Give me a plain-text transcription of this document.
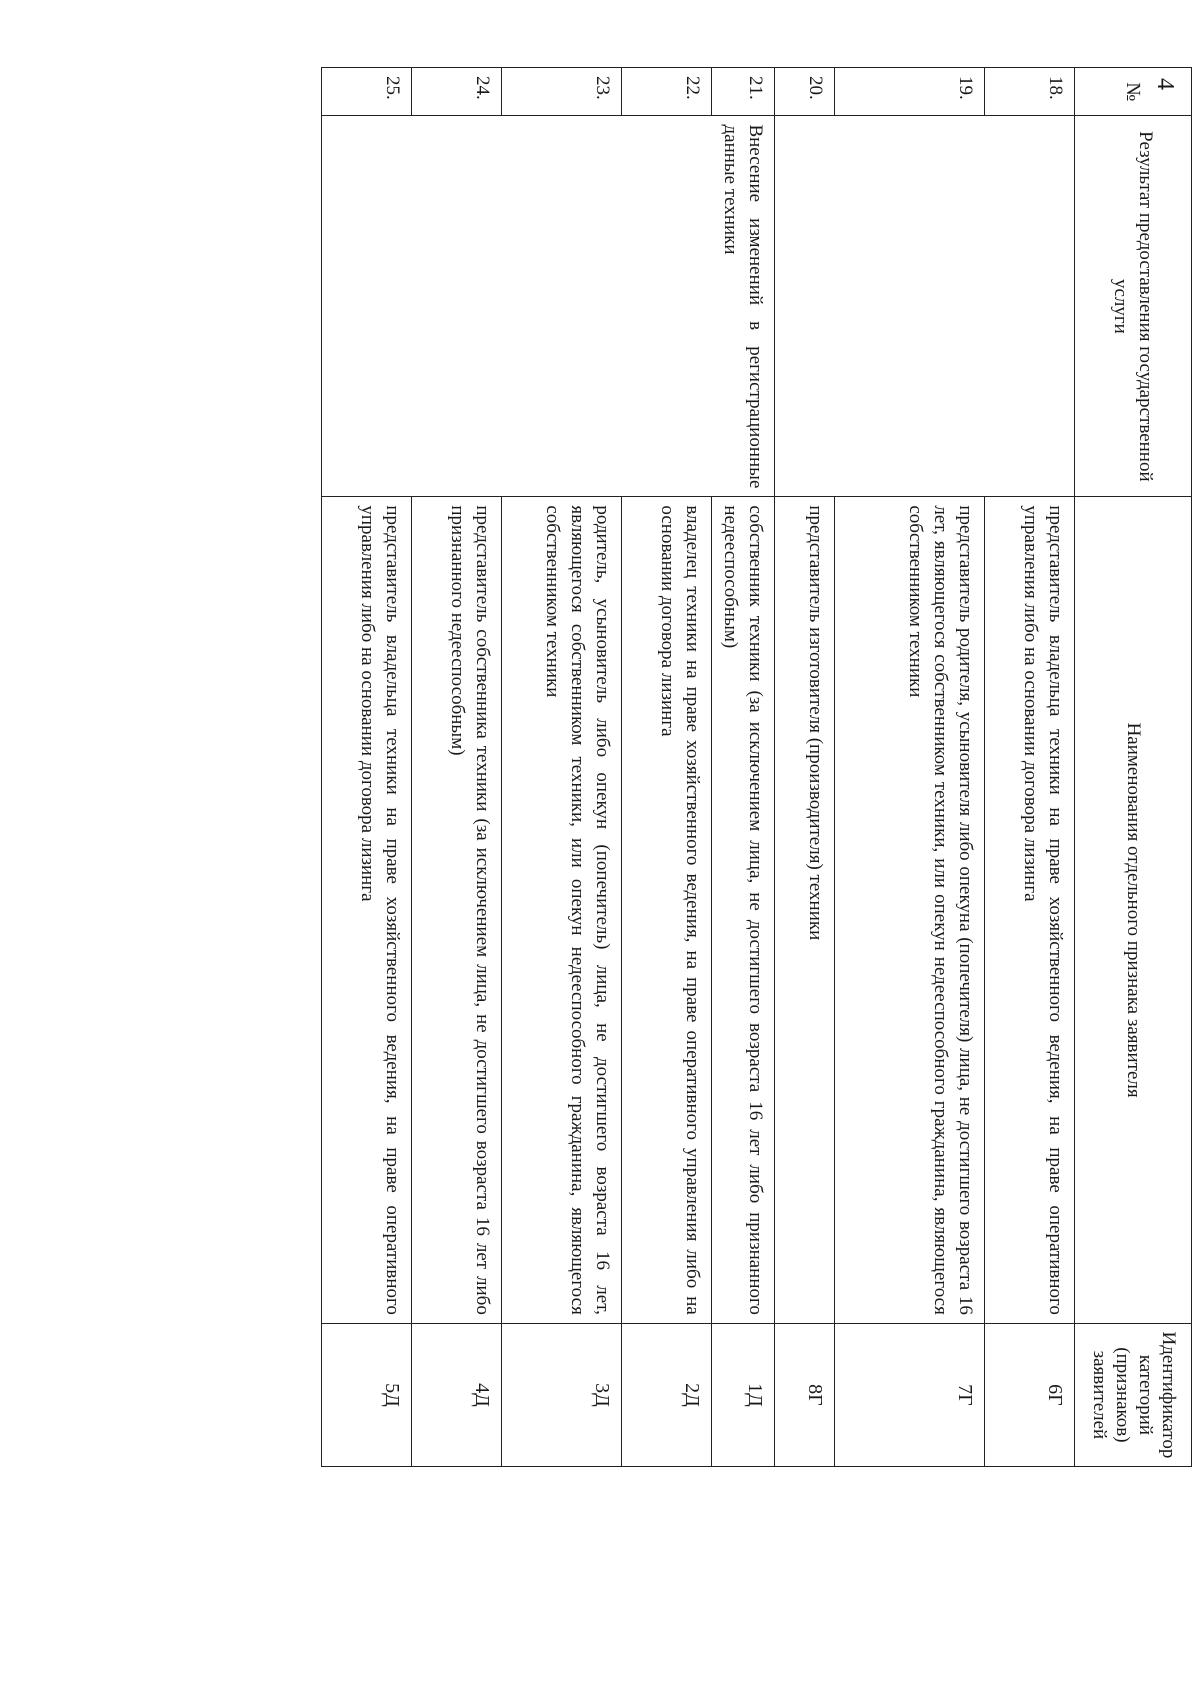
4
№	Результат предоставления государственной услуги	Наименования отдельного признака заявителя	Идентификатор категорий (признаков) заявителей
18.		представитель владельца техники на праве хозяйственного ведения, на праве оперативного управления либо на основании договора лизинга	6Г
19.		представитель родителя, усыновителя либо опекуна (попечителя) лица, не достигшего возраста 16 лет, являющегося собственником техники, или опекун недееспособного гражданина, являющегося собственником техники	7Г
20.		представитель изготовителя (производителя) техники	8Г
21.	Внесение изменений в регистрационные данные техники	собственник техники (за исключением лица, не достигшего возраста 16 лет либо признанного недееспособным)	1Д
22.		владелец техники на праве хозяйственного ведения, на праве оперативного управления либо на основании договора лизинга	2Д
23.		родитель, усыновитель либо опекун (попечитель) лица, не достигшего возраста 16 лет, являющегося собственником техники, или опекун недееспособного гражданина, являющегося собственником техники	3Д
24.		представитель собственника техники (за исключением лица, не достигшего возраста 16 лет либо признанного недееспособным)	4Д
25.		представитель владельца техники на праве хозяйственного ведения, на праве оперативного управления либо на основании договора лизинга	5Д
